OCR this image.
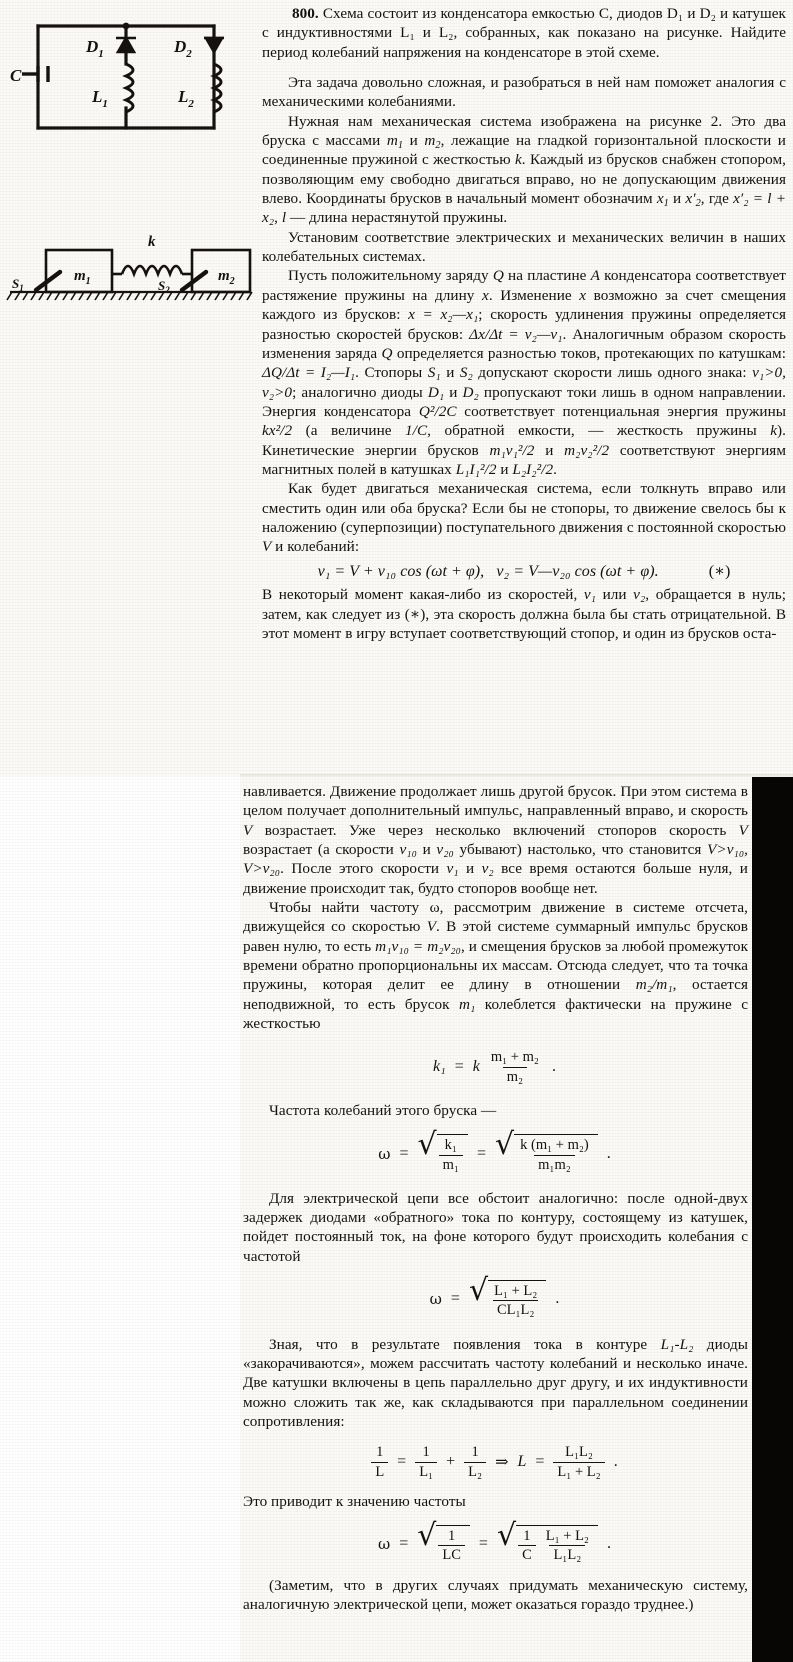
C
$D_1$	$D_2$
$L_1$	$L_2$
$m_1$	$m_2$
k
$S_1$	$S_2$

800. Схема состоит из конденсатора емкостью C, диодов D₁ и D₂ и катушек с индуктивностями L₁ и L₂, собранных, как показано на рисунке. Найдите период колебаний напряжения на конденсаторе в этой схеме.

Эта задача довольно сложная, и разобраться в ней нам поможет аналогия с механическими колебаниями.

Нужная нам механическая система изображена на рисунке 2. Это два бруска с массами $m_1$ и $m_2$, лежащие на гладкой горизонтальной плоскости и соединенные пружиной с жесткостью k. Каждый из брусков снабжен стопором, позволяющим ему свободно двигаться вправо, но не допускающим движения влево. Координаты брусков в начальный момент обозначим $x_1$ и $x'_2$, где x′₂ = l + x₂, l — длина нерастянутой пружины.

Установим соответствие электрических и механических величин в наших колебательных системах.

Пусть положительному заряду Q на пластине A конденсатора соответствует растяжение пружины на длину x. Изменение x возможно за счет смещения каждого из брусков: x = x₂—x₁; скорость удлинения пружины определяется разностью скоростей брусков: Δx/Δt = v₂—v₁. Аналогичным образом скорость изменения заряда Q определяется разностью токов, протекающих по катушкам: ΔQ/Δt = I₂—I₁. Стопоры S₁ и S₂ допускают скорости лишь одного знака: v₁>0, v₂>0; аналогично диоды D₁ и D₂ пропускают токи лишь в одном направлении. Энергия конденсатора Q²/2C соответствует потенциальная энергия пружины kx²/2 (а величине 1/C, обратной емкости, — жесткость пружины k). Кинетические энергии брусков m₁v₁²/2 и m₂v₂²/2 соответствуют энергиям магнитных полей в катушках L₁I₁²/2 и L₂I₂²/2.

Как будет двигаться механическая система, если толкнуть вправо или сместить один или оба бруска? Если бы не стопоры, то движение свелось бы к наложению (суперпозиции) поступательного движения с постоянной скоростью V и колебаний:

v₁ = V + v₁₀ cos (ωt + φ), v₂ = V—v₂₀ cos (ωt + φ).	(∗)

В некоторый момент какая-либо из скоростей, v₁ или v₂, обращается в нуль; затем, как следует из (∗), эта скорость должна была бы стать отрицательной. В этот момент в игру вступает соответствующий стопор, и один из брусков оста-

навливается. Движение продолжает лишь другой брусок. При этом система в целом получает дополнительный импульс, направленный вправо, и скорость V возрастает. Уже через несколько включений стопоров скорость V возрастает (а скорости v₁₀ и v₂₀ убывают) настолько, что становится V>v₁₀, V>v₂₀. После этого скорости v₁ и v₂ все время остаются больше нуля, и движение происходит так, будто стопоров вообще нет.

Чтобы найти частоту ω, рассмотрим движение в системе отсчета, движущейся со скоростью V. В этой системе суммарный импульс брусков равен нулю, то есть m₁v₁₀ = m₂v₂₀, и смещения брусков за любой промежуток времени обратно пропорциональны их массам. Отсюда следует, что та точка пружины, которая делит ее длину в отношении m₂/m₁, остается неподвижной, то есть брусок m₁ колеблется фактически на пружине с жесткостью

k₁ = k $\frac{\text{m₁ + m₂}}{\text{m₂}}$ .

Частота колебаний этого бруска —

ω = √ $\frac{\text{k₁}}{\text{m₁}}$ = √ $\frac{\text{k (m₁ + m₂)}}{\text{m₁m₂}}$ .

Для электрической цепи все обстоит аналогично: после одной-двух задержек диодами «обратного» тока по контуру, состоящему из катушек, пойдет постоянный ток, на фоне которого будут происходить колебания с частотой

ω = √ $\frac{\text{L₁ + L₂}}{\text{CL₁L₂}}$ .

Зная, что в результате появления тока в контуре L₁-L₂ диоды «закорачиваются», можем рассчитать частоту колебаний и несколько иначе. Две катушки включены в цепь параллельно друг другу, и их индуктивности можно сложить так же, как складываются при параллельном соединении сопротивления:

$\frac{1}{L} = \frac{1}{\text{L₁}} + \frac{1}{\text{L₂}}$ ⇒ $L = \frac{\text{L₁L₂}}{\text{L₁ + L₂}}$ .

Это приводит к значению частоты

ω = √ $\frac{1}{LC}$ = √ $\frac{1}{C} \frac{\text{L₁ + L₂}}{\text{L₁L₂}}$ .

(Заметим, что в других случаях придумать механическую систему, аналогичную электрической цепи, может оказаться гораздо труднее.)
